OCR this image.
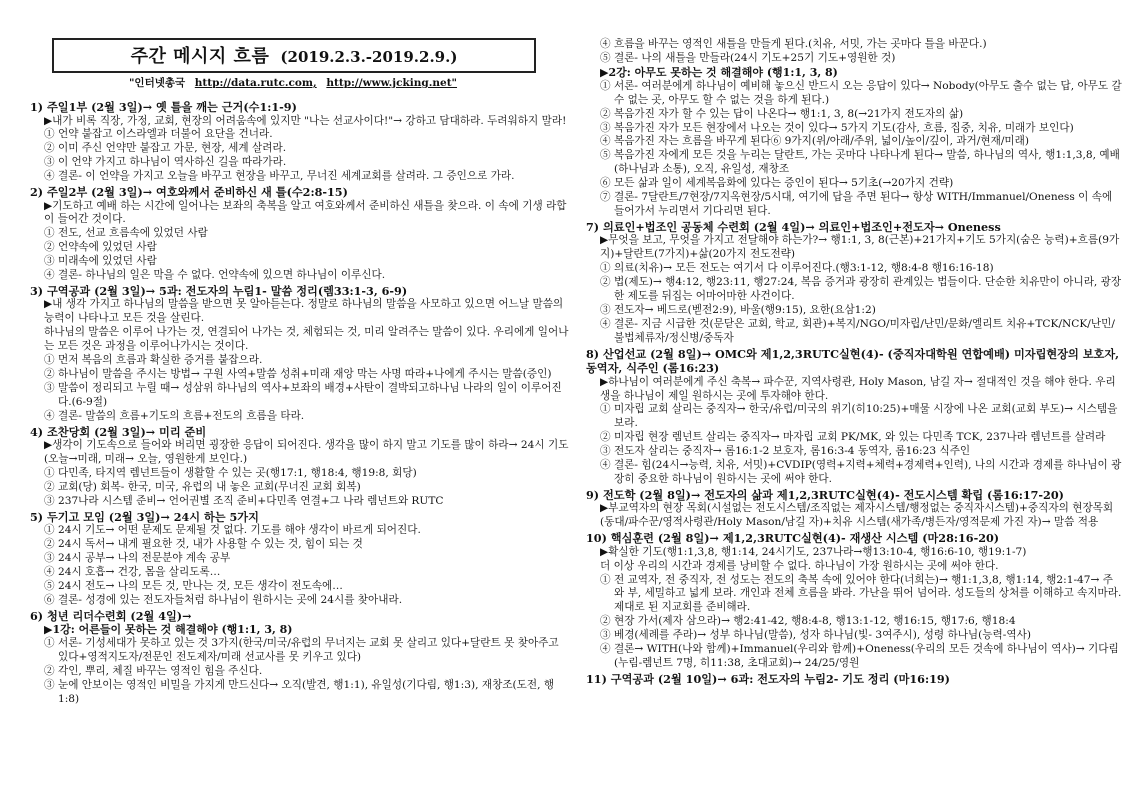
주간 메시지 흐름 (2019.2.3.-2019.2.9.)
"인터넷총국 http://data.rutc.com, http://www.jcking.net"
1) 주일1부 (2월 3일)→ 옛 틀을 깨는 근거(수1:1-9)
▶내가 비록 직장, 가정, 교회, 현장의 어려움속에 있지만 "나는 선교사이다!"→ 강하고 담대하라. 두려워하지 말라!
① 언약 붙잡고 이스라엘과 더불어 요단을 건너라.
② 이미 주신 언약만 붙잡고 가문, 현장, 세계 살려라.
③ 이 언약 가지고 하나님이 역사하신 길을 따라가라.
④ 결론- 이 언약을 가지고 오늘을 바꾸고 현장을 바꾸고, 무너진 세계교회를 살려라. 그 증인으로 가라.
2) 주일2부 (2월 3일)→ 여호와께서 준비하신 새 틀(수2:8-15)
▶기도하고 예배 하는 시간에 일어나는 보좌의 축복을 알고 여호와께서 준비하신 새틀을 찾으라. 이 속에 기생 라합이 들어간 것이다.
① 전도, 선교 흐름속에 있었던 사람
② 언약속에 있었던 사람
③ 미래속에 있었던 사람
④ 결론- 하나님의 일은 막을 수 없다. 언약속에 있으면 하나님이 이루신다.
3) 구역공과 (2월 3일)→ 5과: 전도자의 누림1- 말씀 정리(렘33:1-3, 6-9)
▶내 생각 가지고 하나님의 말씀을 받으면 못 알아듣는다. 정말로 하나님의 말씀을 사모하고 있으면 어느날 말씀의 능력이 나타나고 모든 것을 살린다.
하나님의 말씀은 이루어 나가는 것, 연결되어 나가는 것, 체험되는 것, 미리 알려주는 말씀이 있다. 우리에게 일어나는 모든 것은 과정을 이루어나가시는 것이다.
① 먼저 복음의 흐름과 확실한 증거를 붙잡으라.
② 하나님이 말씀을 주시는 방법→ 구원 사역+말씀 성취+미래 재앙 막는 사명 따라+나에게 주시는 말씀(증인)
③ 말씀이 정리되고 누릴 때→ 성삼위 하나님의 역사+보좌의 배경+사탄이 결박되고하나님 나라의 일이 이루어진다.(6-9절)
④ 결론- 말씀의 흐름+기도의 흐름+전도의 흐름을 타라.
4) 조찬당회 (2월 3일)→ 미리 준비
▶생각이 기도속으로 들어와 버리면 굉장한 응답이 되어진다. 생각을 많이 하지 말고 기도를 많이 하라→ 24시 기도(오늘→미래, 미래→ 오늘, 영원한게 보인다.)
① 다민족, 타지역 렘넌트들이 생활할 수 있는 곳(행17:1, 행18:4, 행19:8, 회당)
② 교회(당) 회복- 한국, 미국, 유럽의 내 놓은 교회(무너진 교회 회복)
③ 237나라 시스템 준비→ 언어권별 조직 준비+다민족 연결+그 나라 렘넌트와 RUTC
5) 두기고 모임 (2월 3일)→ 24시 하는 5가지
① 24시 기도→ 어떤 문제도 문제될 것 없다. 기도를 해야 생각이 바르게 되어진다.
② 24시 독서→ 내게 필요한 것, 내가 사용할 수 있는 것, 힘이 되는 것
③ 24시 공부→ 나의 전문분야 계속 공부
④ 24시 호흡→ 건강, 몸을 살리도록…
⑤ 24시 전도→ 나의 모든 것, 만나는 것, 모든 생각이 전도속에…
⑥ 결론- 성경에 있는 전도자들처럼 하나님이 원하시는 곳에 24시를 찾아내라.
6) 청년 리더수련회 (2월 4일)→
▶1강: 어른들이 못하는 것 해결해야 (행1:1, 3, 8)
① 서론- 기성세대가 못하고 있는 것 3가지(한국/미국/유럽의 무너지는 교회 못 살리고 있다+달란트 못 찾아주고 있다+영적지도자/전문인 전도제자/미래 선교사를 못 키우고 있다)
② 각인, 뿌리, 체질 바꾸는 영적인 힘을 주신다.
③ 눈에 안보이는 영적인 비밀을 가지게 만드신다→ 오직(발견, 행1:1), 유일성(기다림, 행1:3), 재창조(도전, 행1:8)
④ 흐름을 바꾸는 영적인 새틀을 만들게 된다.(치유, 서밋, 가는 곳마다 틀을 바꾼다.)
⑤ 결론- 나의 새틀을 만들라(24시 기도+25기 기도+영원한 것)
▶2강: 아무도 못하는 것 해결해야 (행1:1, 3, 8)
① 서론- 여러분에게 하나님이 예비해 놓으신 반드시 오는 응답이 있다→ Nobody(아무도 출수 없는 답, 아무도 갈수 없는 곳, 아무도 할 수 없는 것을 하게 된다.)
② 복음가진 자가 할 수 있는 답이 나온다→ 행1:1, 3, 8(→21가지 전도자의 삶)
③ 복음가진 자가 모든 현장에서 나오는 것이 있다→ 5가지 기도(감사, 흐름, 집중, 치유, 미래가 보인다)
④ 복음가진 자는 흐름을 바꾸게 된다⑥ 9가지(위/아래/주위, 넓이/높이/깊이, 과거/현재/미래)
⑤ 복음가진 자에게 모든 것을 누리는 달란트, 가는 곳마다 나타나게 된다→ 말씀, 하나님의 역사, 행1:1,3,8, 예배(하나님과 소통), 오직, 유일성, 재창조
⑥ 모든 삶과 일이 세계복음화에 있다는 증인이 된다→ 5기초(→20가지 건략)
⑦ 결론- 7달란트/7현장/7지옥현장/5시대, 여기에 답을 주면 된다→ 항상 WITH/Immanuel/Oneness 이 속에 들어가서 누리면서 기다리면 된다.
7) 의료인+법조인 공동체 수련회 (2월 4일)→ 의료인+법조인+전도자→ Oneness
▶무엇을 보고, 무엇을 가지고 전달해야 하는가?→ 행1:1, 3, 8(근본)+21가지+기도 5가지(숨은 능력)+흐름(9가지)+달란트(7가지)+삶(20가지 전도전략)
① 의료(치유)→ 모든 전도는 여기서 다 이루어진다.(행3:1-12, 행8:4-8 행16:16-18)
② 법(제도)→ 행4:12, 행23:11, 행27:24, 복음 증거과 광장히 관계있는 법들이다. 단순한 치유만이 아니라, 광장한 제도를 뒤집는 어마어마한 사건이다.
③ 전도자→ 베드로(벧전2:9), 바울(행9:15), 요한(요삼1:2)
④ 결론- 지금 시급한 것(문닫은 교회, 학교, 회관)+복지/NGO/미자립/난민/문화/엘리트 치유+TCK/NCK/난민/불법체류자/정신병/중독자
8) 산업선교 (2월 8일)→ OMC와 제1,2,3RUTC실현(4)- (중직자대학원 연합예배) 미자립현장의 보호자, 동역자, 식주인 (롬16:23)
▶하나님이 여러분에게 주신 축복→ 파수꾼, 지역사령관, Holy Mason, 남길 자→ 절대적인 것을 해야 한다. 우리 생을 하나님이 제일 원하시는 곳에 투자해야 한다.
① 미자립 교회 살리는 중직자→ 한국/유럽/미국의 위기(히10:25)+매물 시장에 나온 교회(교회 부도)→ 시스템을 보라.
② 미자립 현장 렘넌트 살리는 중직자→ 마자립 교회 PK/MK, 와 있는 다민족 TCK, 237나라 렘넌트를 살려라
③ 전도자 살리는 중직자→ 롬16:1-2 보호자, 롬16:3-4 동역자, 롬16:23 식주인
④ 결론- 힘(24시→능력, 치유, 서밋)+CVDIP(영력+지력+체력+경제력+인력), 나의 시간과 경제를 하나님이 광장히 중요한 하나님이 원하시는 곳에 써야 한다.
9) 전도학 (2월 8일)→ 전도자의 삶과 제1,2,3RUTC실현(4)- 전도시스템 확립 (롬16:17-20)
▶부교역자의 현장 목회(시설없는 전도시스템/조직없는 제자시스템/행정없는 중직자시스템)+중직자의 현장목회(동대/파수꾼/영적사령관/Holy Mason/남길 자)+치유 시스템(새가족/병든자/영적문제 가진 자)→ 말씀 적용
10) 핵심훈련 (2월 8일)→ 제1,2,3RUTC실현(4)- 재생산 시스템 (마28:16-20)
▶확실한 기도(행1:1,3,8, 행1:14, 24시기도, 237나라→행13:10-4, 행16:6-10, 행19:1-7)
더 이상 우리의 시간과 경제를 낭비할 수 없다. 하나님이 가장 원하시는 곳에 써야 한다.
① 전 교역자, 전 중직자, 전 성도는 전도의 축복 속에 있어야 한다(너희는)→ 행1:1,3,8, 행1:14, 행2:1-47→ 주와 부, 세밀하고 넓게 보라. 개인과 전체 흐름을 봐라. 가난을 뛰어 넘어라. 성도들의 상처를 이해하고 속지마라. 제대로 된 지교회를 준비해라.
② 현장 가서(제자 삼으라)→ 행2:41-42, 행8:4-8, 행13:1-12, 행16:15, 행17:6, 행18:4
③ 베경(세례를 주라)→ 성부 하나님(말씀), 성자 하나님(빛- 3여주시), 성령 하나님(능력-역사)
④ 결론→ WITH(나와 함께)+Immanuel(우리와 함께)+Oneness(우리의 모든 것속에 하나님이 역사)→ 기다림(누림-렘넌트 7명, 히11:38, 초대교회)→ 24/25/영원
11) 구역공과 (2월 10일)→ 6과: 전도자의 누림2- 기도 정리 (마16:19)
